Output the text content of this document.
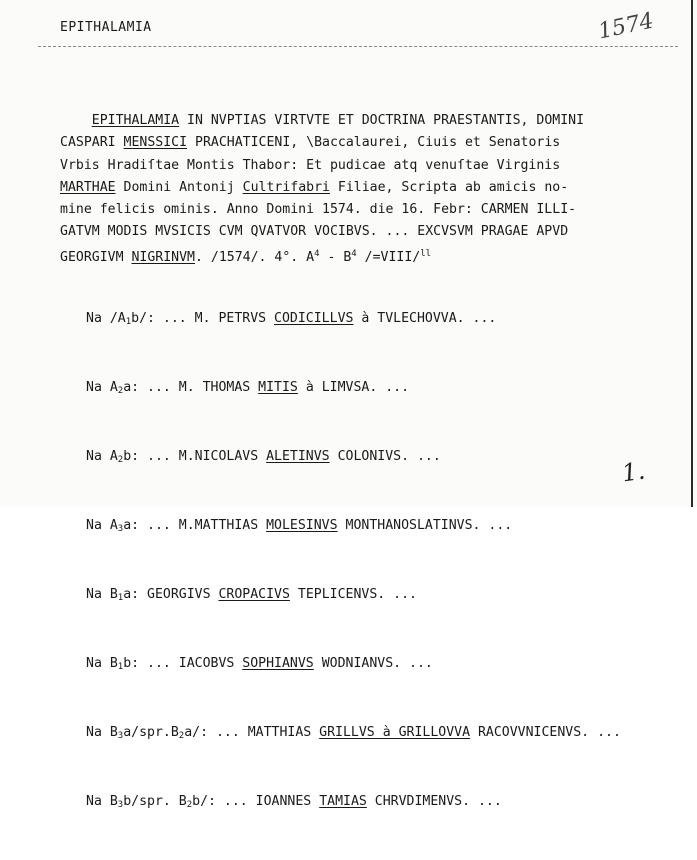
EPITHALAMIA	1574

EPITHALAMIA IN NVPTIAS VIRTVTE ET DOCTRINA PRAESTANTIS, DOMINI
CASPARI MENSSICI PRACHATICENI, \Baccalaurei, Ciuis et Senatoris
Vrbis Hradiſtae Montis Thabor: Et pudicae atq venuſtae Virginis
MARTHAE Domini Antonij Cultrifabri Filiae, Scripta ab amicis no-
mine felicis ominis. Anno Domini 1574. die 16. Febr: CARMEN ILLI-
GATVM MODIS MVSICIS CVM QVATVOR VOCIBVS. ... EXCVSVM PRAGAE APVD
GEORGIVM NIGRINVM. /1574/. 4°. $A^4 - B^4$ /=VIII/$^{ll}$

Na $/A_1b/$: ... M. PETRVS CODICILLVS à TVLECHOVVA. ...

Na $A_2a$: ... M. THOMAS MITIS à LIMVSA. ...

Na $A_2b$: ... M.NICOLAVS ALETINVS COLONIVS. ...

Na $A_3a$: ... M.MATTHIAS MOLESINVS MONTHANOSLATINVS. ...

Na $B_1a$: GEORGIVS CROPACIVS TEPLICENVS. ...

Na $B_1b$: ... IACOBVS SOPHIANVS WODNIANVS. ...

Na $B_3a/spr.B_2a/$: ... MATTHIAS GRILLVS à GRILLOVVA RACOVVNICENVS. ...

Na $B_3b$/spr. $B_2b/$: ... IOANNES TAMIAS CHRVDIMENVS. ...

1.
